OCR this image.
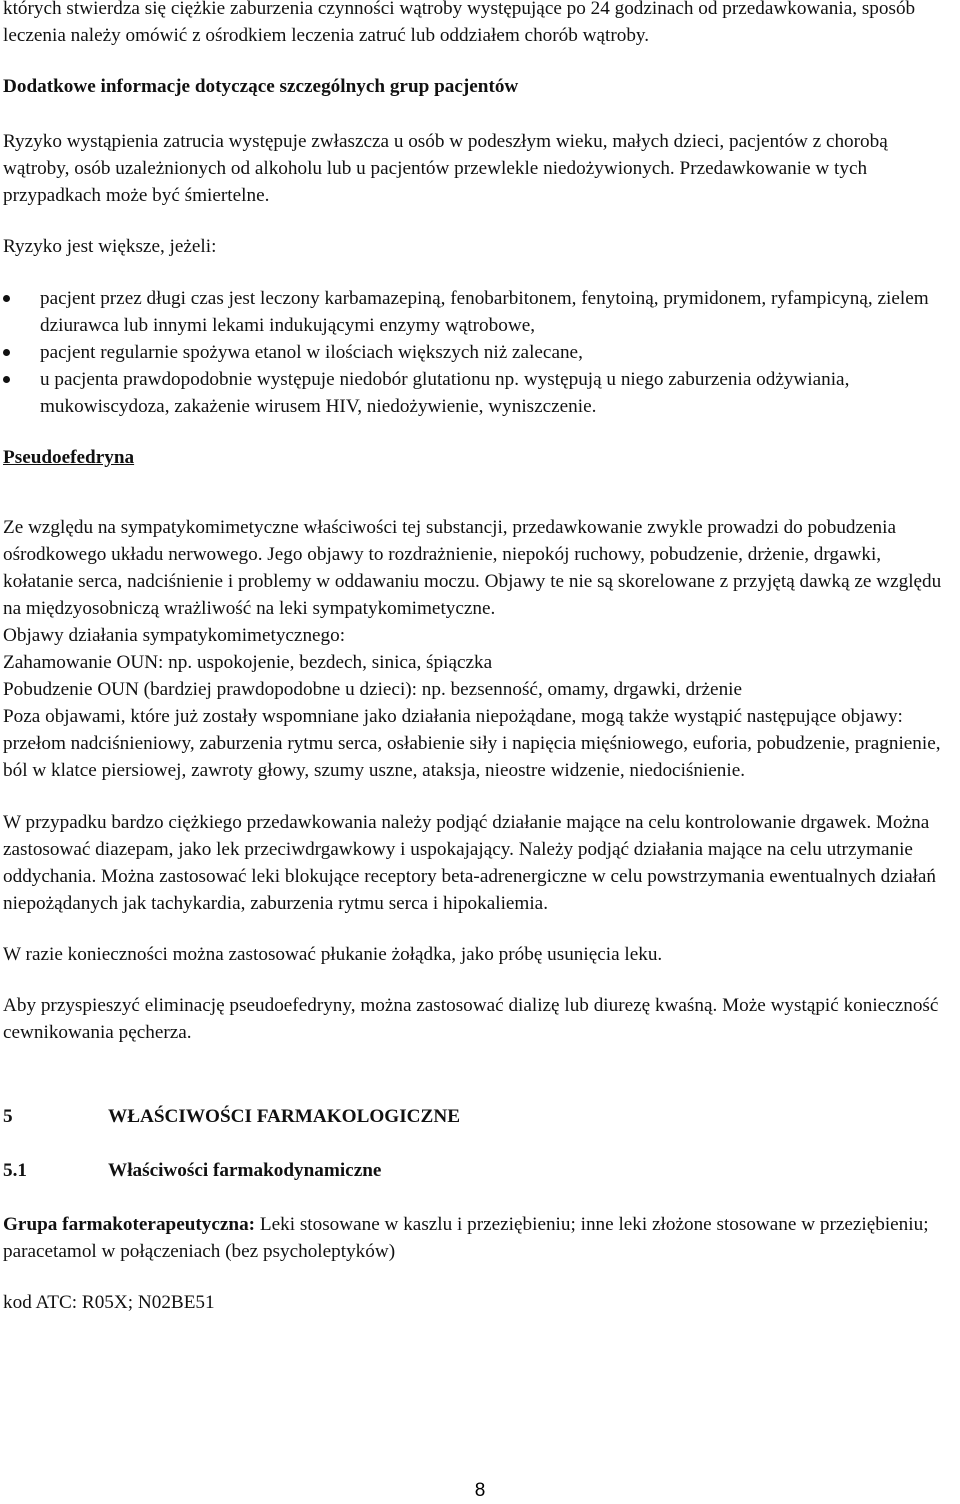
których stwierdza się ciężkie zaburzenia czynności wątroby występujące po 24 godzinach od przedawkowania, sposób leczenia należy omówić z ośrodkiem leczenia zatruć lub oddziałem chorób wątroby.

Dodatkowe informacje dotyczące szczególnych grup pacjentów

Ryzyko wystąpienia zatrucia występuje zwłaszcza u osób w podeszłym wieku, małych dzieci, pacjentów z chorobą wątroby, osób uzależnionych od alkoholu lub u pacjentów przewlekle niedożywionych. Przedawkowanie w tych przypadkach może być śmiertelne.

Ryzyko jest większe, jeżeli:

pacjent przez długi czas jest leczony karbamazepiną, fenobarbitonem, fenytoiną, prymidonem, ryfampicyną, zielem dziurawca lub innymi lekami indukującymi enzymy wątrobowe,
pacjent regularnie spożywa etanol w ilościach większych niż zalecane,
u pacjenta prawdopodobnie występuje niedobór glutationu np. występują u niego zaburzenia odżywiania, mukowiscydoza, zakażenie wirusem HIV, niedożywienie, wyniszczenie.

Pseudoefedryna

Ze względu na sympatykomimetyczne właściwości tej substancji, przedawkowanie zwykle prowadzi do pobudzenia ośrodkowego układu nerwowego. Jego objawy to rozdrażnienie, niepokój ruchowy, pobudzenie, drżenie, drgawki, kołatanie serca, nadciśnienie i problemy w oddawaniu moczu. Objawy te nie są skorelowane z przyjętą dawką ze względu na międzyosobniczą wrażliwość na leki sympatykomimetyczne.

Objawy działania sympatykomimetycznego:

Zahamowanie OUN: np. uspokojenie, bezdech, sinica, śpiączka

Pobudzenie OUN (bardziej prawdopodobne u dzieci): np. bezsenność, omamy, drgawki, drżenie

Poza objawami, które już zostały wspomniane jako działania niepożądane, mogą także wystąpić następujące objawy: przełom nadciśnieniowy, zaburzenia rytmu serca, osłabienie siły i napięcia mięśniowego, euforia, pobudzenie, pragnienie, ból w klatce piersiowej, zawroty głowy, szumy uszne, ataksja, nieostre widzenie, niedociśnienie.

W przypadku bardzo ciężkiego przedawkowania należy podjąć działanie mające na celu kontrolowanie drgawek. Można zastosować diazepam, jako lek przeciwdrgawkowy i uspokajający. Należy podjąć działania mające na celu utrzymanie oddychania. Można zastosować leki blokujące receptory beta-adrenergiczne w celu powstrzymania ewentualnych działań niepożądanych jak tachykardia, zaburzenia rytmu serca i hipokaliemia.

W razie konieczności można zastosować płukanie żołądka, jako próbę usunięcia leku.

Aby przyspieszyć eliminację pseudoefedryny, można zastosować dializę lub diurezę kwaśną. Może wystąpić konieczność cewnikowania pęcherza.

5	WŁAŚCIWOŚCI FARMAKOLOGICZNE
5.1	Właściwości farmakodynamiczne

Grupa farmakoterapeutyczna: Leki stosowane w kaszlu i przeziębieniu; inne leki złożone stosowane w przeziębieniu; paracetamol w połączeniach (bez psycholeptyków)

kod ATC: R05X; N02BE51

8
